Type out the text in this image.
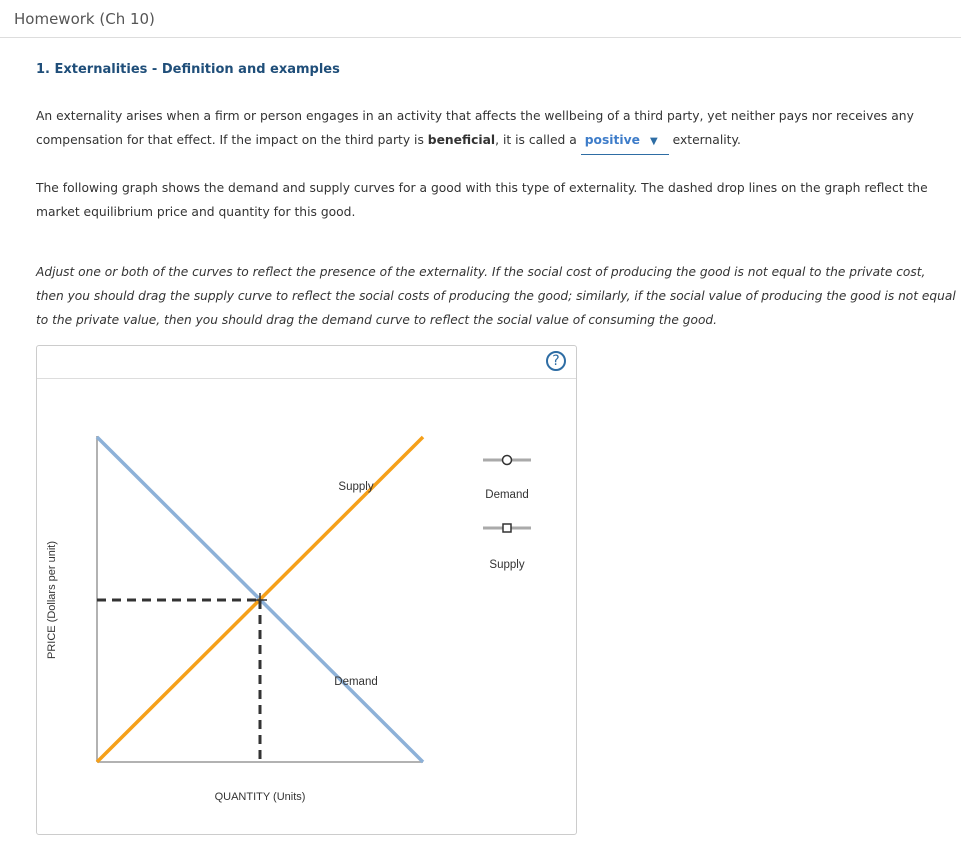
Homework (Ch 10)
1. Externalities - Definition and examples
An externality arises when a firm or person engages in an activity that affects the wellbeing of a third party, yet neither pays nor receives any compensation for that effect. If the impact on the third party is beneficial, it is called a positive ▼ externality.
The following graph shows the demand and supply curves for a good with this type of externality. The dashed drop lines on the graph reflect the market equilibrium price and quantity for this good.
Adjust one or both of the curves to reflect the presence of the externality. If the social cost of producing the good is not equal to the private cost, then you should drag the supply curve to reflect the social costs of producing the good; similarly, if the social value of producing the good is not equal to the private value, then you should drag the demand curve to reflect the social value of consuming the good.
?
PRICE (Dollars per unit)
QUANTITY (Units)
Supply
Demand
Demand
Supply
